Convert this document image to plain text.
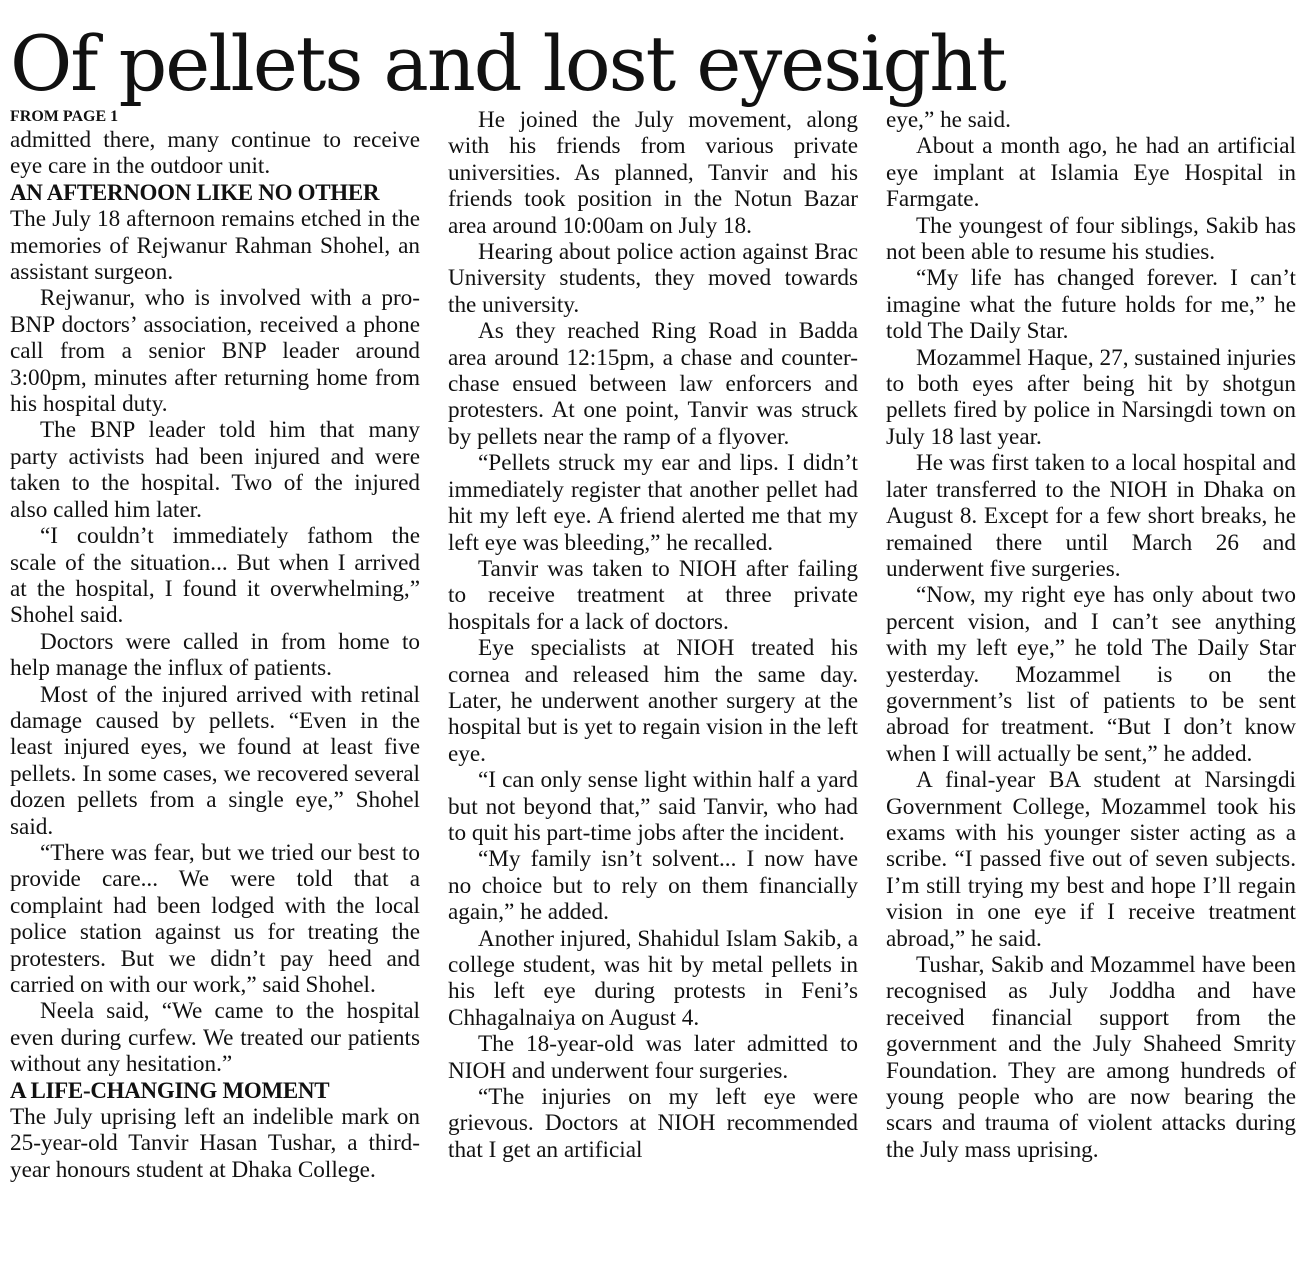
Of pellets and lost eyesight
FROM PAGE 1

admitted there, many continue to receive eye care in the outdoor unit.

AN AFTERNOON LIKE NO OTHER

The July 18 afternoon remains etched in the memories of Rejwanur Rahman Shohel, an assistant surgeon.

Rejwanur, who is involved with a pro-BNP doctors’ association, received a phone call from a senior BNP leader around 3:00pm, minutes after returning home from his hospital duty.

The BNP leader told him that many party activists had been injured and were taken to the hospital. Two of the injured also called him later.

“I couldn’t immediately fathom the scale of the situation... But when I arrived at the hospital, I found it overwhelming,” Shohel said.

Doctors were called in from home to help manage the influx of patients.

Most of the injured arrived with retinal damage caused by pellets. “Even in the least injured eyes, we found at least five pellets. In some cases, we recovered several dozen pellets from a single eye,” Shohel said.

“There was fear, but we tried our best to provide care... We were told that a complaint had been lodged with the local police station against us for treating the protesters. But we didn’t pay heed and carried on with our work,” said Shohel.

Neela said, “We came to the hospital even during curfew. We treated our patients without any hesitation.”

A LIFE-CHANGING MOMENT

The July uprising left an indelible mark on 25-year-old Tanvir Hasan Tushar, a third-year honours student at Dhaka College.

He joined the July movement, along with his friends from various private universities. As planned, Tanvir and his friends took position in the Notun Bazar area around 10:00am on July 18.

Hearing about police action against Brac University students, they moved towards the university.

As they reached Ring Road in Badda area around 12:15pm, a chase and counter-chase ensued between law enforcers and protesters. At one point, Tanvir was struck by pellets near the ramp of a flyover.

“Pellets struck my ear and lips. I didn’t immediately register that another pellet had hit my left eye. A friend alerted me that my left eye was bleeding,” he recalled.

Tanvir was taken to NIOH after failing to receive treatment at three private hospitals for a lack of doctors.

Eye specialists at NIOH treated his cornea and released him the same day. Later, he underwent another surgery at the hospital but is yet to regain vision in the left eye.

“I can only sense light within half a yard but not beyond that,” said Tanvir, who had to quit his part-time jobs after the incident.

“My family isn’t solvent... I now have no choice but to rely on them financially again,” he added.

Another injured, Shahidul Islam Sakib, a college student, was hit by metal pellets in his left eye during protests in Feni’s Chhagalnaiya on August 4.

The 18-year-old was later admitted to NIOH and underwent four surgeries.

“The injuries on my left eye were grievous. Doctors at NIOH recommended that I get an artificial

eye,” he said.

About a month ago, he had an artificial eye implant at Islamia Eye Hospital in Farmgate.

The youngest of four siblings, Sakib has not been able to resume his studies.

“My life has changed forever. I can’t imagine what the future holds for me,” he told The Daily Star.

Mozammel Haque, 27, sustained injuries to both eyes after being hit by shotgun pellets fired by police in Narsingdi town on July 18 last year.

He was first taken to a local hospital and later transferred to the NIOH in Dhaka on August 8. Except for a few short breaks, he remained there until March 26 and underwent five surgeries.

“Now, my right eye has only about two percent vision, and I can’t see anything with my left eye,” he told The Daily Star yesterday. Mozammel is on the government’s list of patients to be sent abroad for treatment. “But I don’t know when I will actually be sent,” he added.

A final-year BA student at Narsingdi Government College, Mozammel took his exams with his younger sister acting as a scribe. “I passed five out of seven subjects. I’m still trying my best and hope I’ll regain vision in one eye if I receive treatment abroad,” he said.

Tushar, Sakib and Mozammel have been recognised as July Joddha and have received financial support from the government and the July Shaheed Smrity Foundation. They are among hundreds of young people who are now bearing the scars and trauma of violent attacks during the July mass uprising.
